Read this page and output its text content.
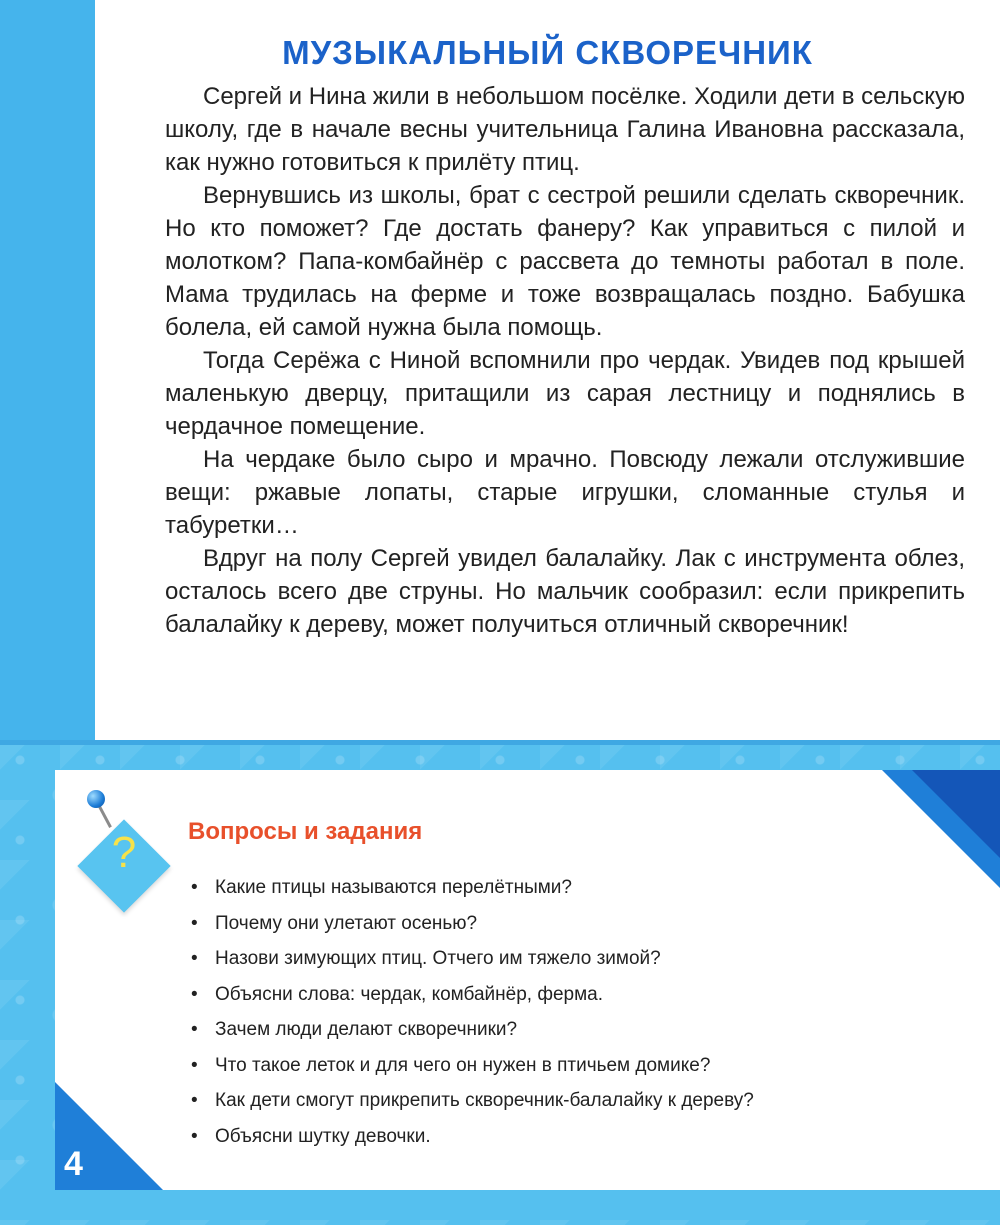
МУЗЫКАЛЬНЫЙ СКВОРЕЧНИК

Сергей и Нина жили в небольшом посёлке. Ходили дети в сельскую школу, где в начале весны учительница Галина Ивановна рассказала, как нужно готовиться к прилёту птиц.

Вернувшись из школы, брат с сестрой решили сделать скворечник. Но кто поможет? Где достать фанеру? Как управиться с пилой и молотком? Папа-комбайнёр с рассвета до темноты работал в поле. Мама трудилась на ферме и тоже возвращалась поздно. Бабушка болела, ей самой нужна была помощь.

Тогда Серёжа с Ниной вспомнили про чердак. Увидев под крышей маленькую дверцу, притащили из сарая лестницу и поднялись в чердачное помещение.

На чердаке было сыро и мрачно. Повсюду лежали отслужившие вещи: ржавые лопаты, старые игрушки, сломанные стулья и табуретки…

Вдруг на полу Сергей увидел балалайку. Лак с инструмента облез, осталось всего две струны. Но мальчик сообразил: если прикрепить балалайку к дереву, может получиться отличный скворечник!

?	Вопросы и задания
• Какие птицы называются перелётными?
• Почему они улетают осенью?
• Назови зимующих птиц. Отчего им тяжело зимой?
• Объясни слова: чердак, комбайнёр, ферма.
• Зачем люди делают скворечники?
• Что такое леток и для чего он нужен в птичьем домике?
• Как дети смогут прикрепить скворечник-балалайку к дереву?
• Объясни шутку девочки.
4
